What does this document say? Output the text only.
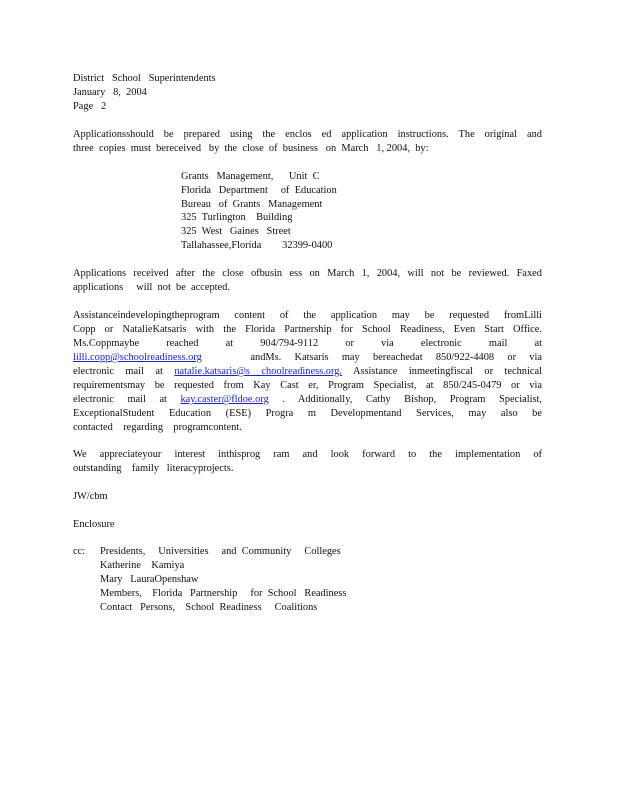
District   School   Superintendents
January   8,  2004
Page   2
Applicationsshould be prepared using the enclos ed application instructions. The original and
three  copies  must  bereceived   by  the  close  of  business   on  March   1, 2004,  by:
Grants   Management,      Unit  C
Florida   Department     of  Education
Bureau   of  Grants   Management
325  Turlington    Building
325  West   Gaines   Street
Tallahassee,Florida        32399-0400
Applications received after the close ofbusin ess on March 1, 2004, will not be reviewed. Faxed
applications     will  not  be  accepted.
Assistanceindevelopingtheprogram content of the application may be requested fromLilli
Copp or NatalieKatsaris with the Florida Partnership for School Readiness, Even Start Office.
Ms.Coppmaybe reached at 904/794-9112 or via electronic mail at
lilli.copp@schoolreadiness.org	andMs. Katsaris may bereachedat 850/922-4408 or via
electronic mail at natalie.katsaris@s choolreadiness.org. Assistance inmeetingfiscal or technical
requirementsmay be requested from Kay Cast er, Program Specialist, at 850/245-0479 or via
electronic mail at kay.caster@fldoe.org . Additionally, Cathy Bishop, Program Specialist,
ExceptionalStudent Education (ESE) Progra m Developmentand Services, may also be
contacted    regarding    programcontent.
We appreciateyour interest inthisprog ram and look forward to the implementation of
outstanding    family   literacyprojects.
JW/cbm
Enclosure
cc: Presidents,     Universities     and  Community     Colleges
Katherine    Kamiya
Mary   LauraOpenshaw
Members,    Florida   Partnership     for  School   Readiness
Contact   Persons,    School  Readiness     Coalitions
